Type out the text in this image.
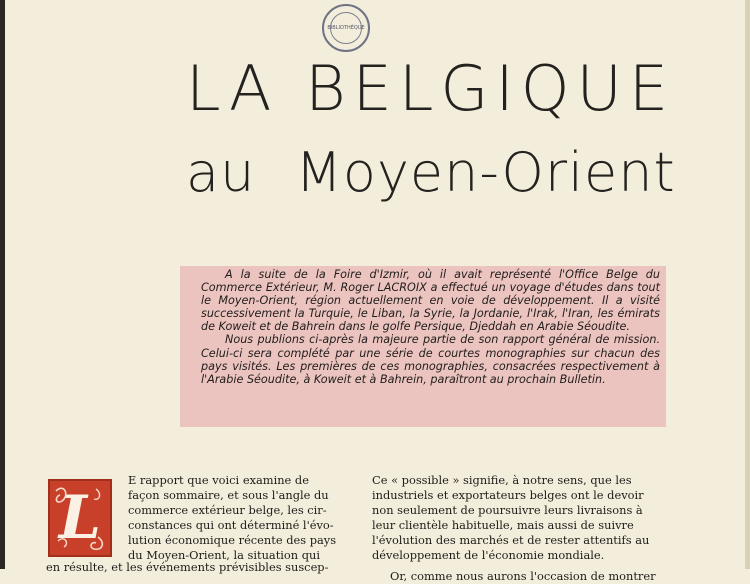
BIBLIOTHÈQUE
LA BELGIQUE
au Moyen-Orient

A la suite de la Foire d'Izmir, où il avait représenté l'Office Belge du Commerce Extérieur, M. Roger LACROIX a effectué un voyage d'études dans tout le Moyen-Orient, région actuellement en voie de développement. Il a visité successivement la Turquie, le Liban, la Syrie, la Jordanie, l'Irak, l'Iran, les émirats de Koweit et de Bahrein dans le golfe Persique, Djeddah en Arabie Séoudite.

Nous publions ci-après la majeure partie de son rapport général de mission. Celui-ci sera complété par une série de courtes monographies sur chacun des pays visités. Les premières de ces monographies, consacrées respectivement à l'Arabie Séoudite, à Koweit et à Bahrein, paraîtront au prochain Bulletin.

L
E rapport que voici examine de
façon sommaire, et sous l'angle du
commerce extérieur belge, les cir-
constances qui ont déterminé l'évo-
lution économique récente des pays
du Moyen-Orient, la situation qui
en résulte, et les événements prévisibles suscep-
Ce « possible » signifie, à notre sens, que les
industriels et exportateurs belges ont le devoir
non seulement de poursuivre leurs livraisons à
leur clientèle habituelle, mais aussi de suivre
l'évolution des marchés et de rester attentifs au
développement de l'économie mondiale.
Or, comme nous aurons l'occasion de montrer
